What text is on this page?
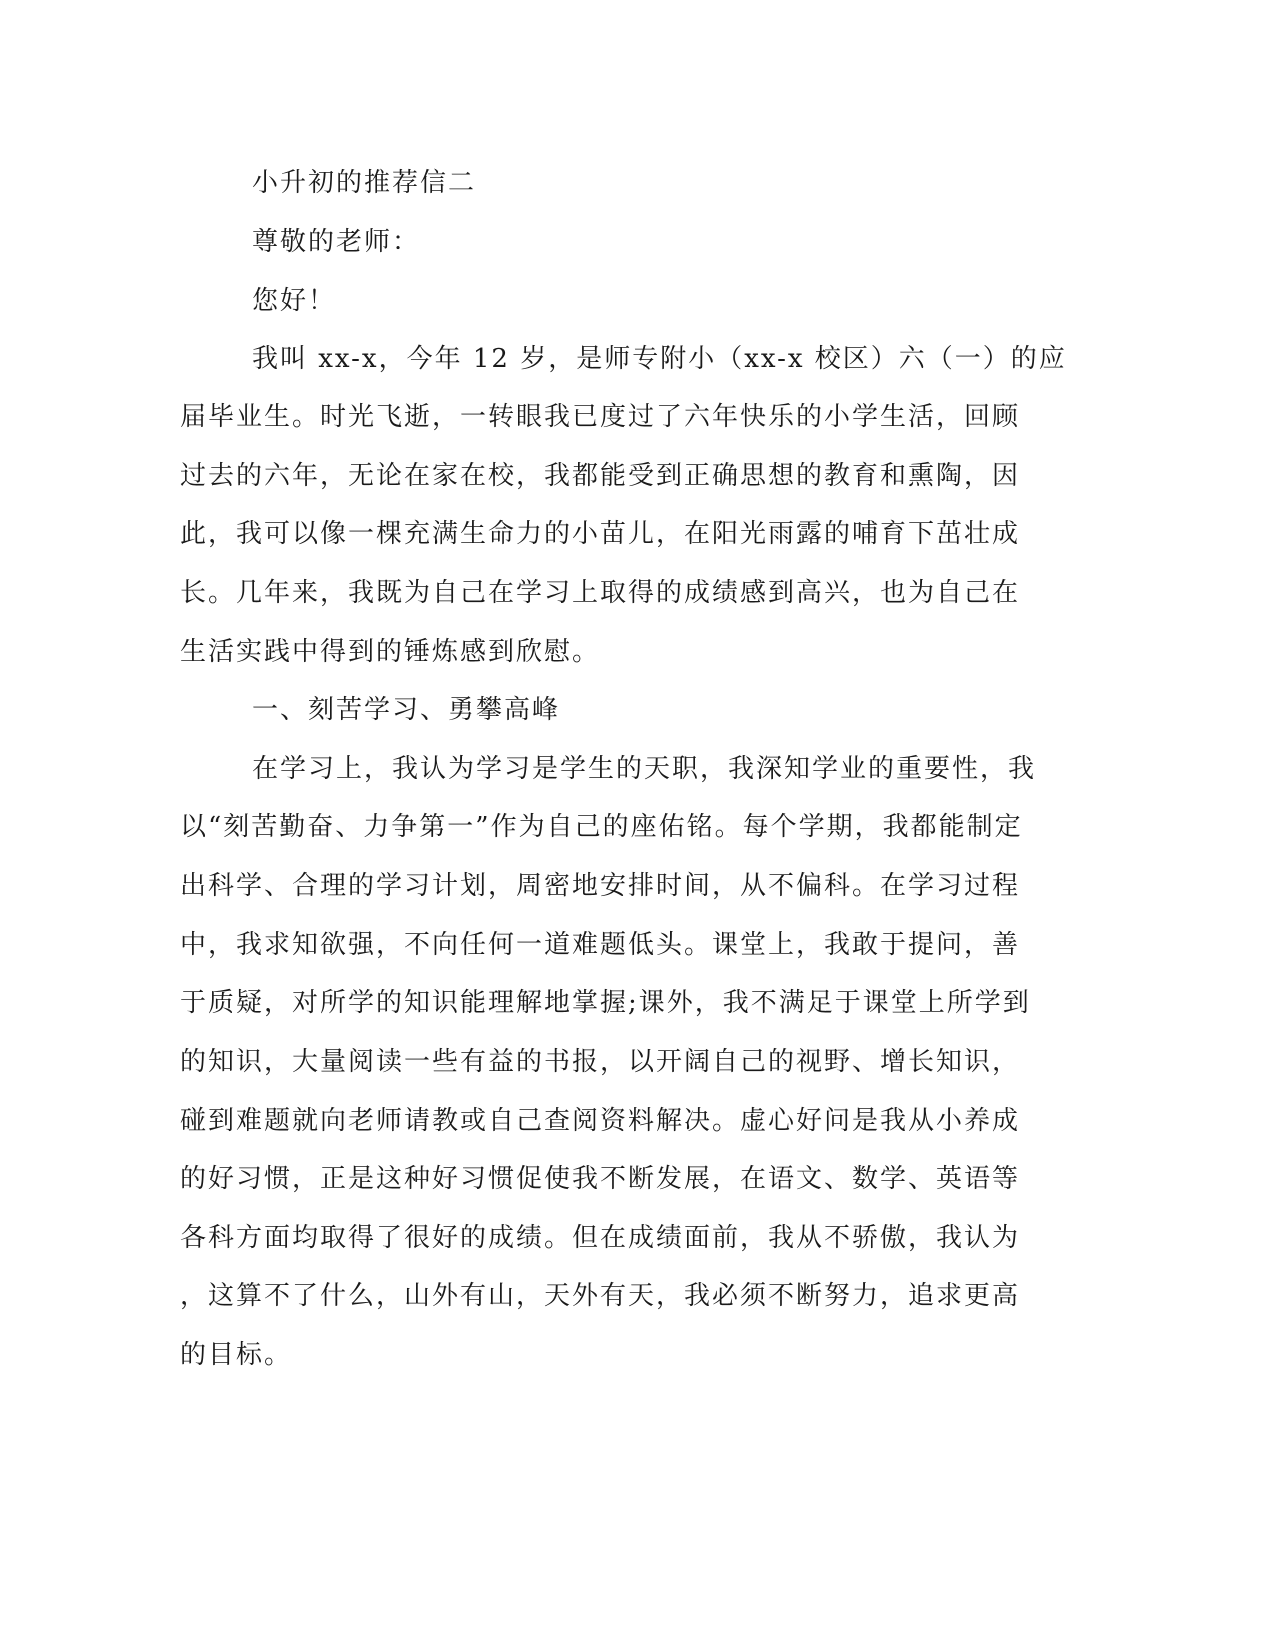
小升初的推荐信二
尊敬的老师：
您好！
我叫 xx-x，今年 12 岁，是师专附小（xx-x 校区）六（一）的应
届毕业生。时光飞逝，一转眼我已度过了六年快乐的小学生活，回顾
过去的六年，无论在家在校，我都能受到正确思想的教育和熏陶，因
此，我可以像一棵充满生命力的小苗儿，在阳光雨露的哺育下茁壮成
长。几年来，我既为自己在学习上取得的成绩感到高兴，也为自己在
生活实践中得到的锤炼感到欣慰。
一、刻苦学习、勇攀高峰
在学习上，我认为学习是学生的天职，我深知学业的重要性，我
以“刻苦勤奋、力争第一”作为自己的座佑铭。每个学期，我都能制定
出科学、合理的学习计划，周密地安排时间，从不偏科。在学习过程
中，我求知欲强，不向任何一道难题低头。课堂上，我敢于提问，善
于质疑，对所学的知识能理解地掌握;课外，我不满足于课堂上所学到
的知识，大量阅读一些有益的书报，以开阔自己的视野、增长知识，
碰到难题就向老师请教或自己查阅资料解决。虚心好问是我从小养成
的好习惯，正是这种好习惯促使我不断发展，在语文、数学、英语等
各科方面均取得了很好的成绩。但在成绩面前，我从不骄傲，我认为
，这算不了什么，山外有山，天外有天，我必须不断努力，追求更高
的目标。
